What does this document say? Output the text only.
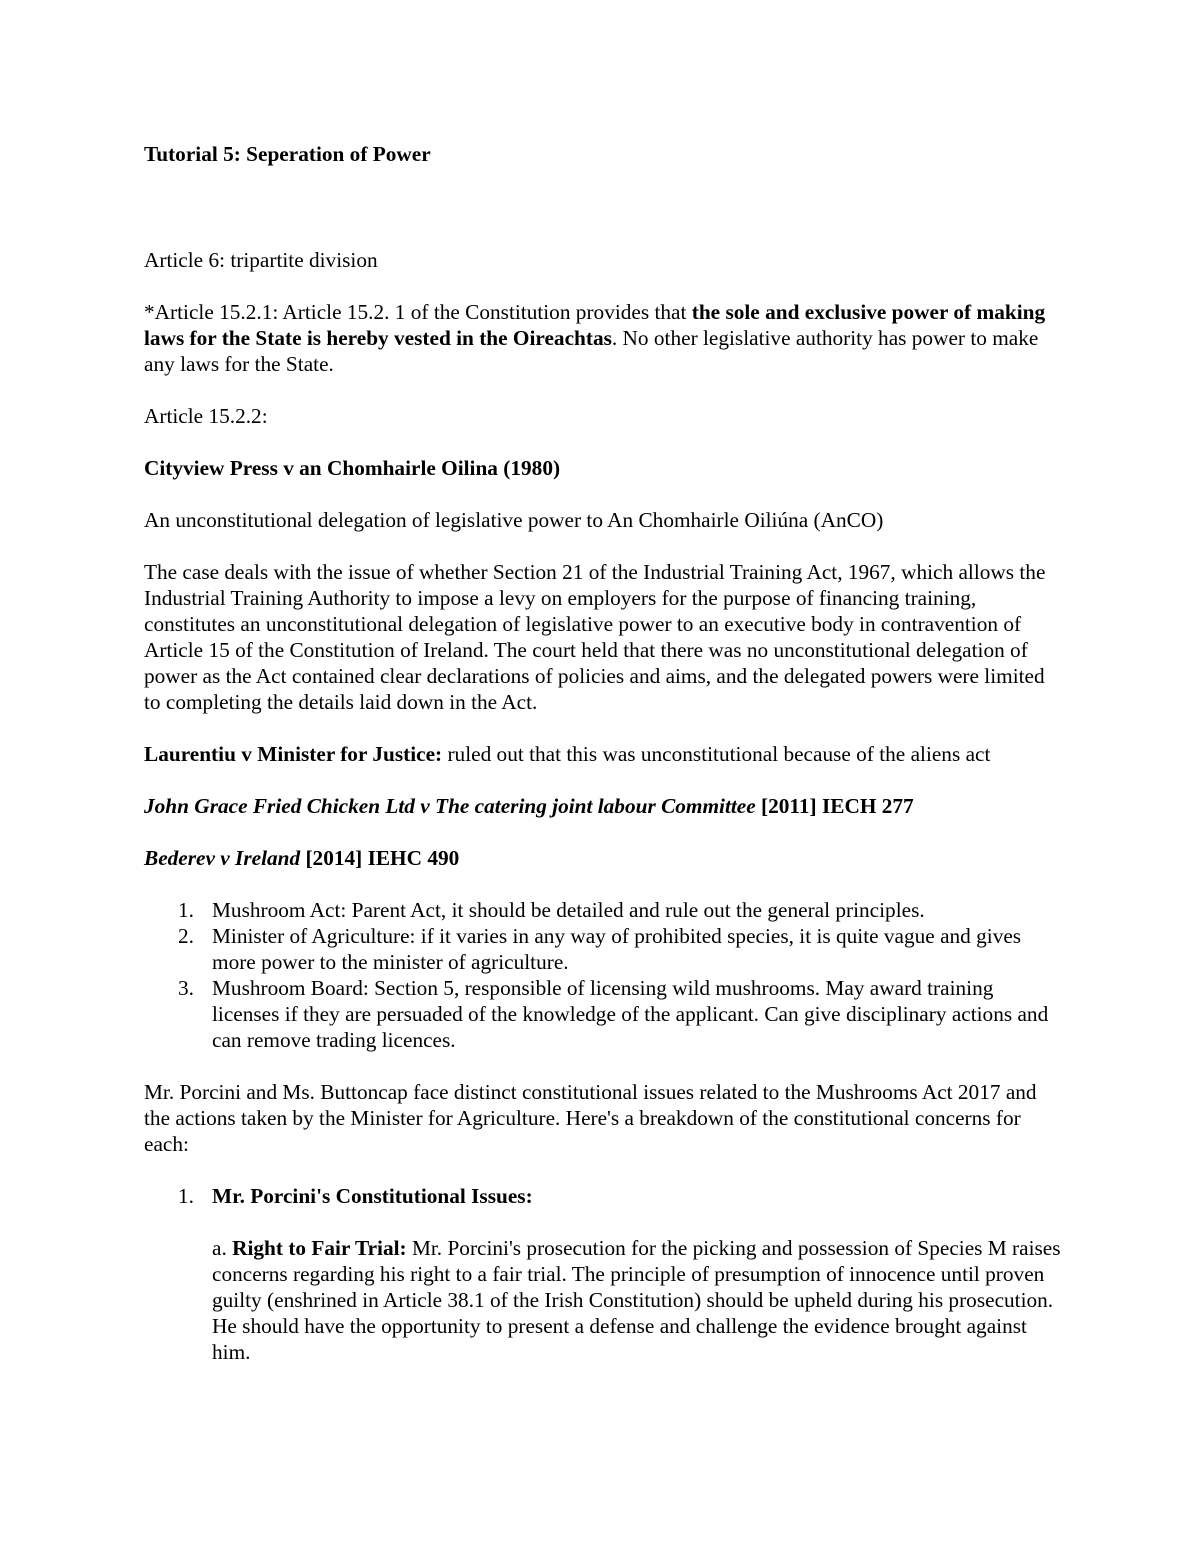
Tutorial 5: Seperation of Power

Article 6: tripartite division

*Article 15.2.1: Article 15.2. 1 of the Constitution provides that the sole and exclusive power of making laws for the State is hereby vested in the Oireachtas. No other legislative authority has power to make any laws for the State.

Article 15.2.2:

Cityview Press v an Chomhairle Oilina (1980)

An unconstitutional delegation of legislative power to An Chomhairle Oiliúna (AnCO)

The case deals with the issue of whether Section 21 of the Industrial Training Act, 1967, which allows the Industrial Training Authority to impose a levy on employers for the purpose of financing training, constitutes an unconstitutional delegation of legislative power to an executive body in contravention of Article 15 of the Constitution of Ireland. The court held that there was no unconstitutional delegation of power as the Act contained clear declarations of policies and aims, and the delegated powers were limited to completing the details laid down in the Act.

Laurentiu v Minister for Justice: ruled out that this was unconstitutional because of the aliens act

John Grace Fried Chicken Ltd v The catering joint labour Committee [2011] IECH 277

Bederev v Ireland [2014] IEHC 490

1. Mushroom Act: Parent Act, it should be detailed and rule out the general principles.
2. Minister of Agriculture: if it varies in any way of prohibited species, it is quite vague and gives more power to the minister of agriculture.
3. Mushroom Board: Section 5, responsible of licensing wild mushrooms. May award training licenses if they are persuaded of the knowledge of the applicant. Can give disciplinary actions and can remove trading licences.

Mr. Porcini and Ms. Buttoncap face distinct constitutional issues related to the Mushrooms Act 2017 and the actions taken by the Minister for Agriculture. Here's a breakdown of the constitutional concerns for each:

1. Mr. Porcini's Constitutional Issues:

a. Right to Fair Trial: Mr. Porcini's prosecution for the picking and possession of Species M raises concerns regarding his right to a fair trial. The principle of presumption of innocence until proven guilty (enshrined in Article 38.1 of the Irish Constitution) should be upheld during his prosecution. He should have the opportunity to present a defense and challenge the evidence brought against him.
